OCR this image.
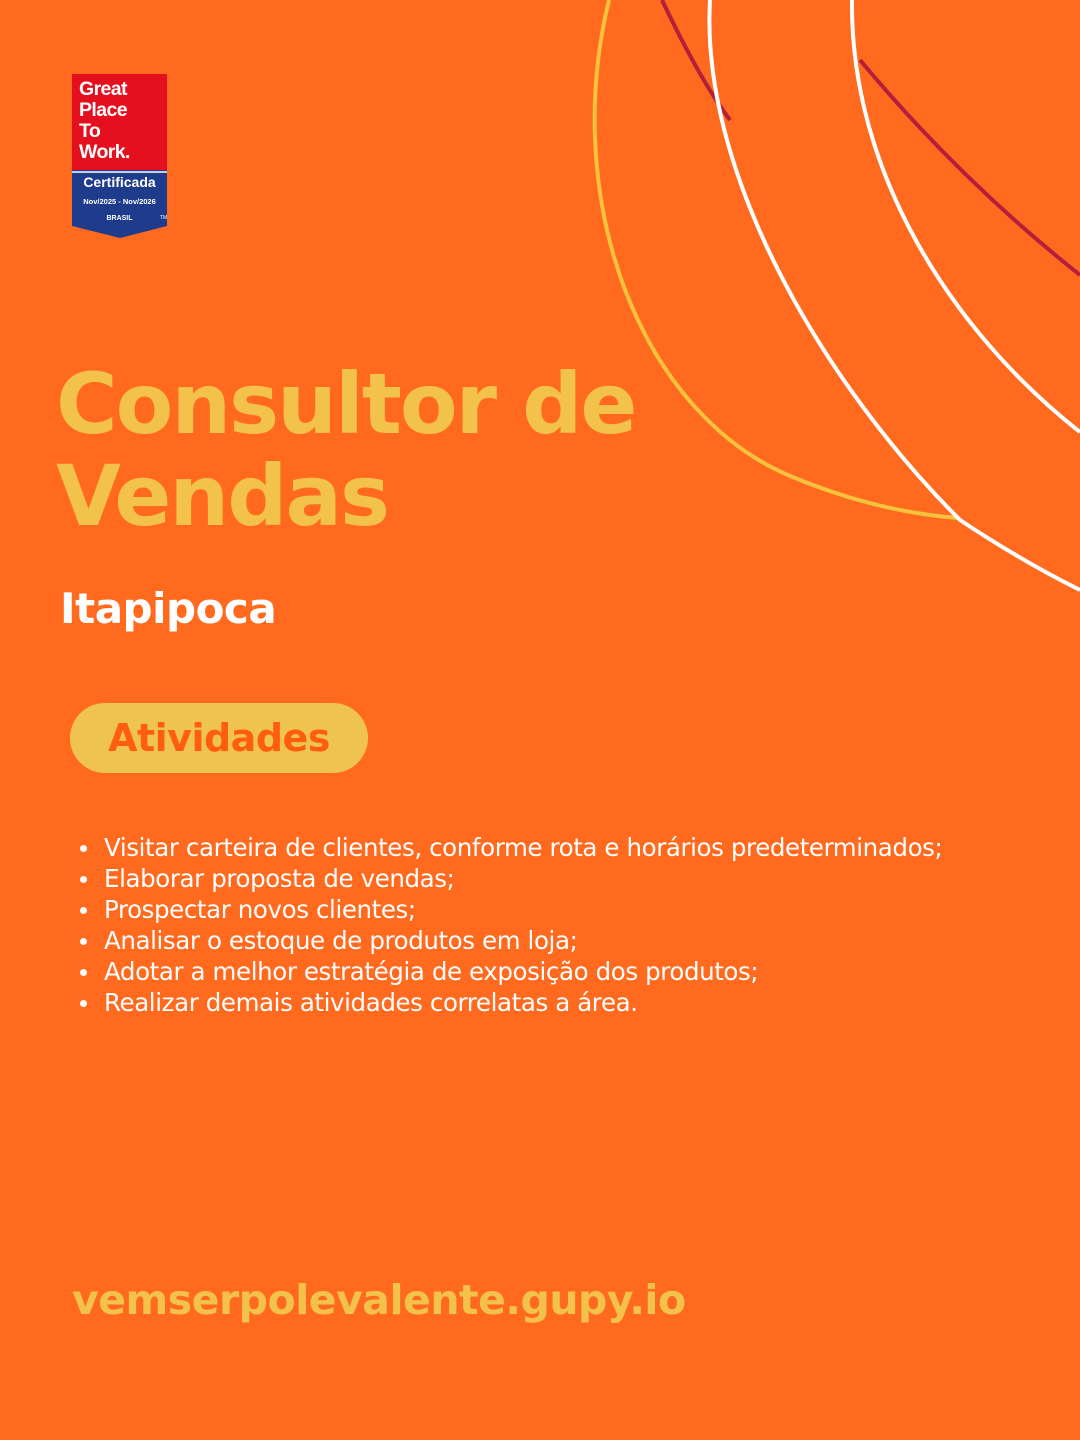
Great
Place
To
Work.
Certificada
Nov/2025 - Nov/2026
BRASIL	TM
Consultor de
Vendas
Itapipoca
Atividades
Visitar carteira de clientes, conforme rota e horários predeterminados;
Elaborar proposta de vendas;
Prospectar novos clientes;
Analisar o estoque de produtos em loja;
Adotar a melhor estratégia de exposição dos produtos;
Realizar demais atividades correlatas a área.
vemserpolevalente.gupy.io
